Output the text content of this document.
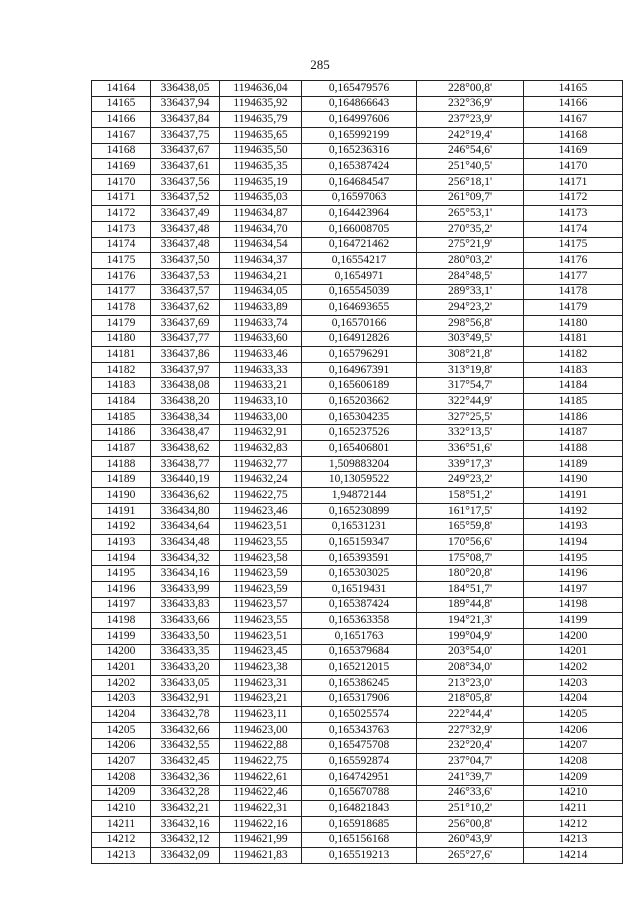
285
14164	336438,05	1194636,04	0,165479576	228°00,8'	14165
14165	336437,94	1194635,92	0,164866643	232°36,9'	14166
14166	336437,84	1194635,79	0,164997606	237°23,9'	14167
14167	336437,75	1194635,65	0,165992199	242°19,4'	14168
14168	336437,67	1194635,50	0,165236316	246°54,6'	14169
14169	336437,61	1194635,35	0,165387424	251°40,5'	14170
14170	336437,56	1194635,19	0,164684547	256°18,1'	14171
14171	336437,52	1194635,03	0,16597063	261°09,7'	14172
14172	336437,49	1194634,87	0,164423964	265°53,1'	14173
14173	336437,48	1194634,70	0,166008705	270°35,2'	14174
14174	336437,48	1194634,54	0,164721462	275°21,9'	14175
14175	336437,50	1194634,37	0,16554217	280°03,2'	14176
14176	336437,53	1194634,21	0,1654971	284°48,5'	14177
14177	336437,57	1194634,05	0,165545039	289°33,1'	14178
14178	336437,62	1194633,89	0,164693655	294°23,2'	14179
14179	336437,69	1194633,74	0,16570166	298°56,8'	14180
14180	336437,77	1194633,60	0,164912826	303°49,5'	14181
14181	336437,86	1194633,46	0,165796291	308°21,8'	14182
14182	336437,97	1194633,33	0,164967391	313°19,8'	14183
14183	336438,08	1194633,21	0,165606189	317°54,7'	14184
14184	336438,20	1194633,10	0,165203662	322°44,9'	14185
14185	336438,34	1194633,00	0,165304235	327°25,5'	14186
14186	336438,47	1194632,91	0,165237526	332°13,5'	14187
14187	336438,62	1194632,83	0,165406801	336°51,6'	14188
14188	336438,77	1194632,77	1,509883204	339°17,3'	14189
14189	336440,19	1194632,24	10,13059522	249°23,2'	14190
14190	336436,62	1194622,75	1,94872144	158°51,2'	14191
14191	336434,80	1194623,46	0,165230899	161°17,5'	14192
14192	336434,64	1194623,51	0,16531231	165°59,8'	14193
14193	336434,48	1194623,55	0,165159347	170°56,6'	14194
14194	336434,32	1194623,58	0,165393591	175°08,7'	14195
14195	336434,16	1194623,59	0,165303025	180°20,8'	14196
14196	336433,99	1194623,59	0,16519431	184°51,7'	14197
14197	336433,83	1194623,57	0,165387424	189°44,8'	14198
14198	336433,66	1194623,55	0,165363358	194°21,3'	14199
14199	336433,50	1194623,51	0,1651763	199°04,9'	14200
14200	336433,35	1194623,45	0,165379684	203°54,0'	14201
14201	336433,20	1194623,38	0,165212015	208°34,0'	14202
14202	336433,05	1194623,31	0,165386245	213°23,0'	14203
14203	336432,91	1194623,21	0,165317906	218°05,8'	14204
14204	336432,78	1194623,11	0,165025574	222°44,4'	14205
14205	336432,66	1194623,00	0,165343763	227°32,9'	14206
14206	336432,55	1194622,88	0,165475708	232°20,4'	14207
14207	336432,45	1194622,75	0,165592874	237°04,7'	14208
14208	336432,36	1194622,61	0,164742951	241°39,7'	14209
14209	336432,28	1194622,46	0,165670788	246°33,6'	14210
14210	336432,21	1194622,31	0,164821843	251°10,2'	14211
14211	336432,16	1194622,16	0,165918685	256°00,8'	14212
14212	336432,12	1194621,99	0,165156168	260°43,9'	14213
14213	336432,09	1194621,83	0,165519213	265°27,6'	14214
